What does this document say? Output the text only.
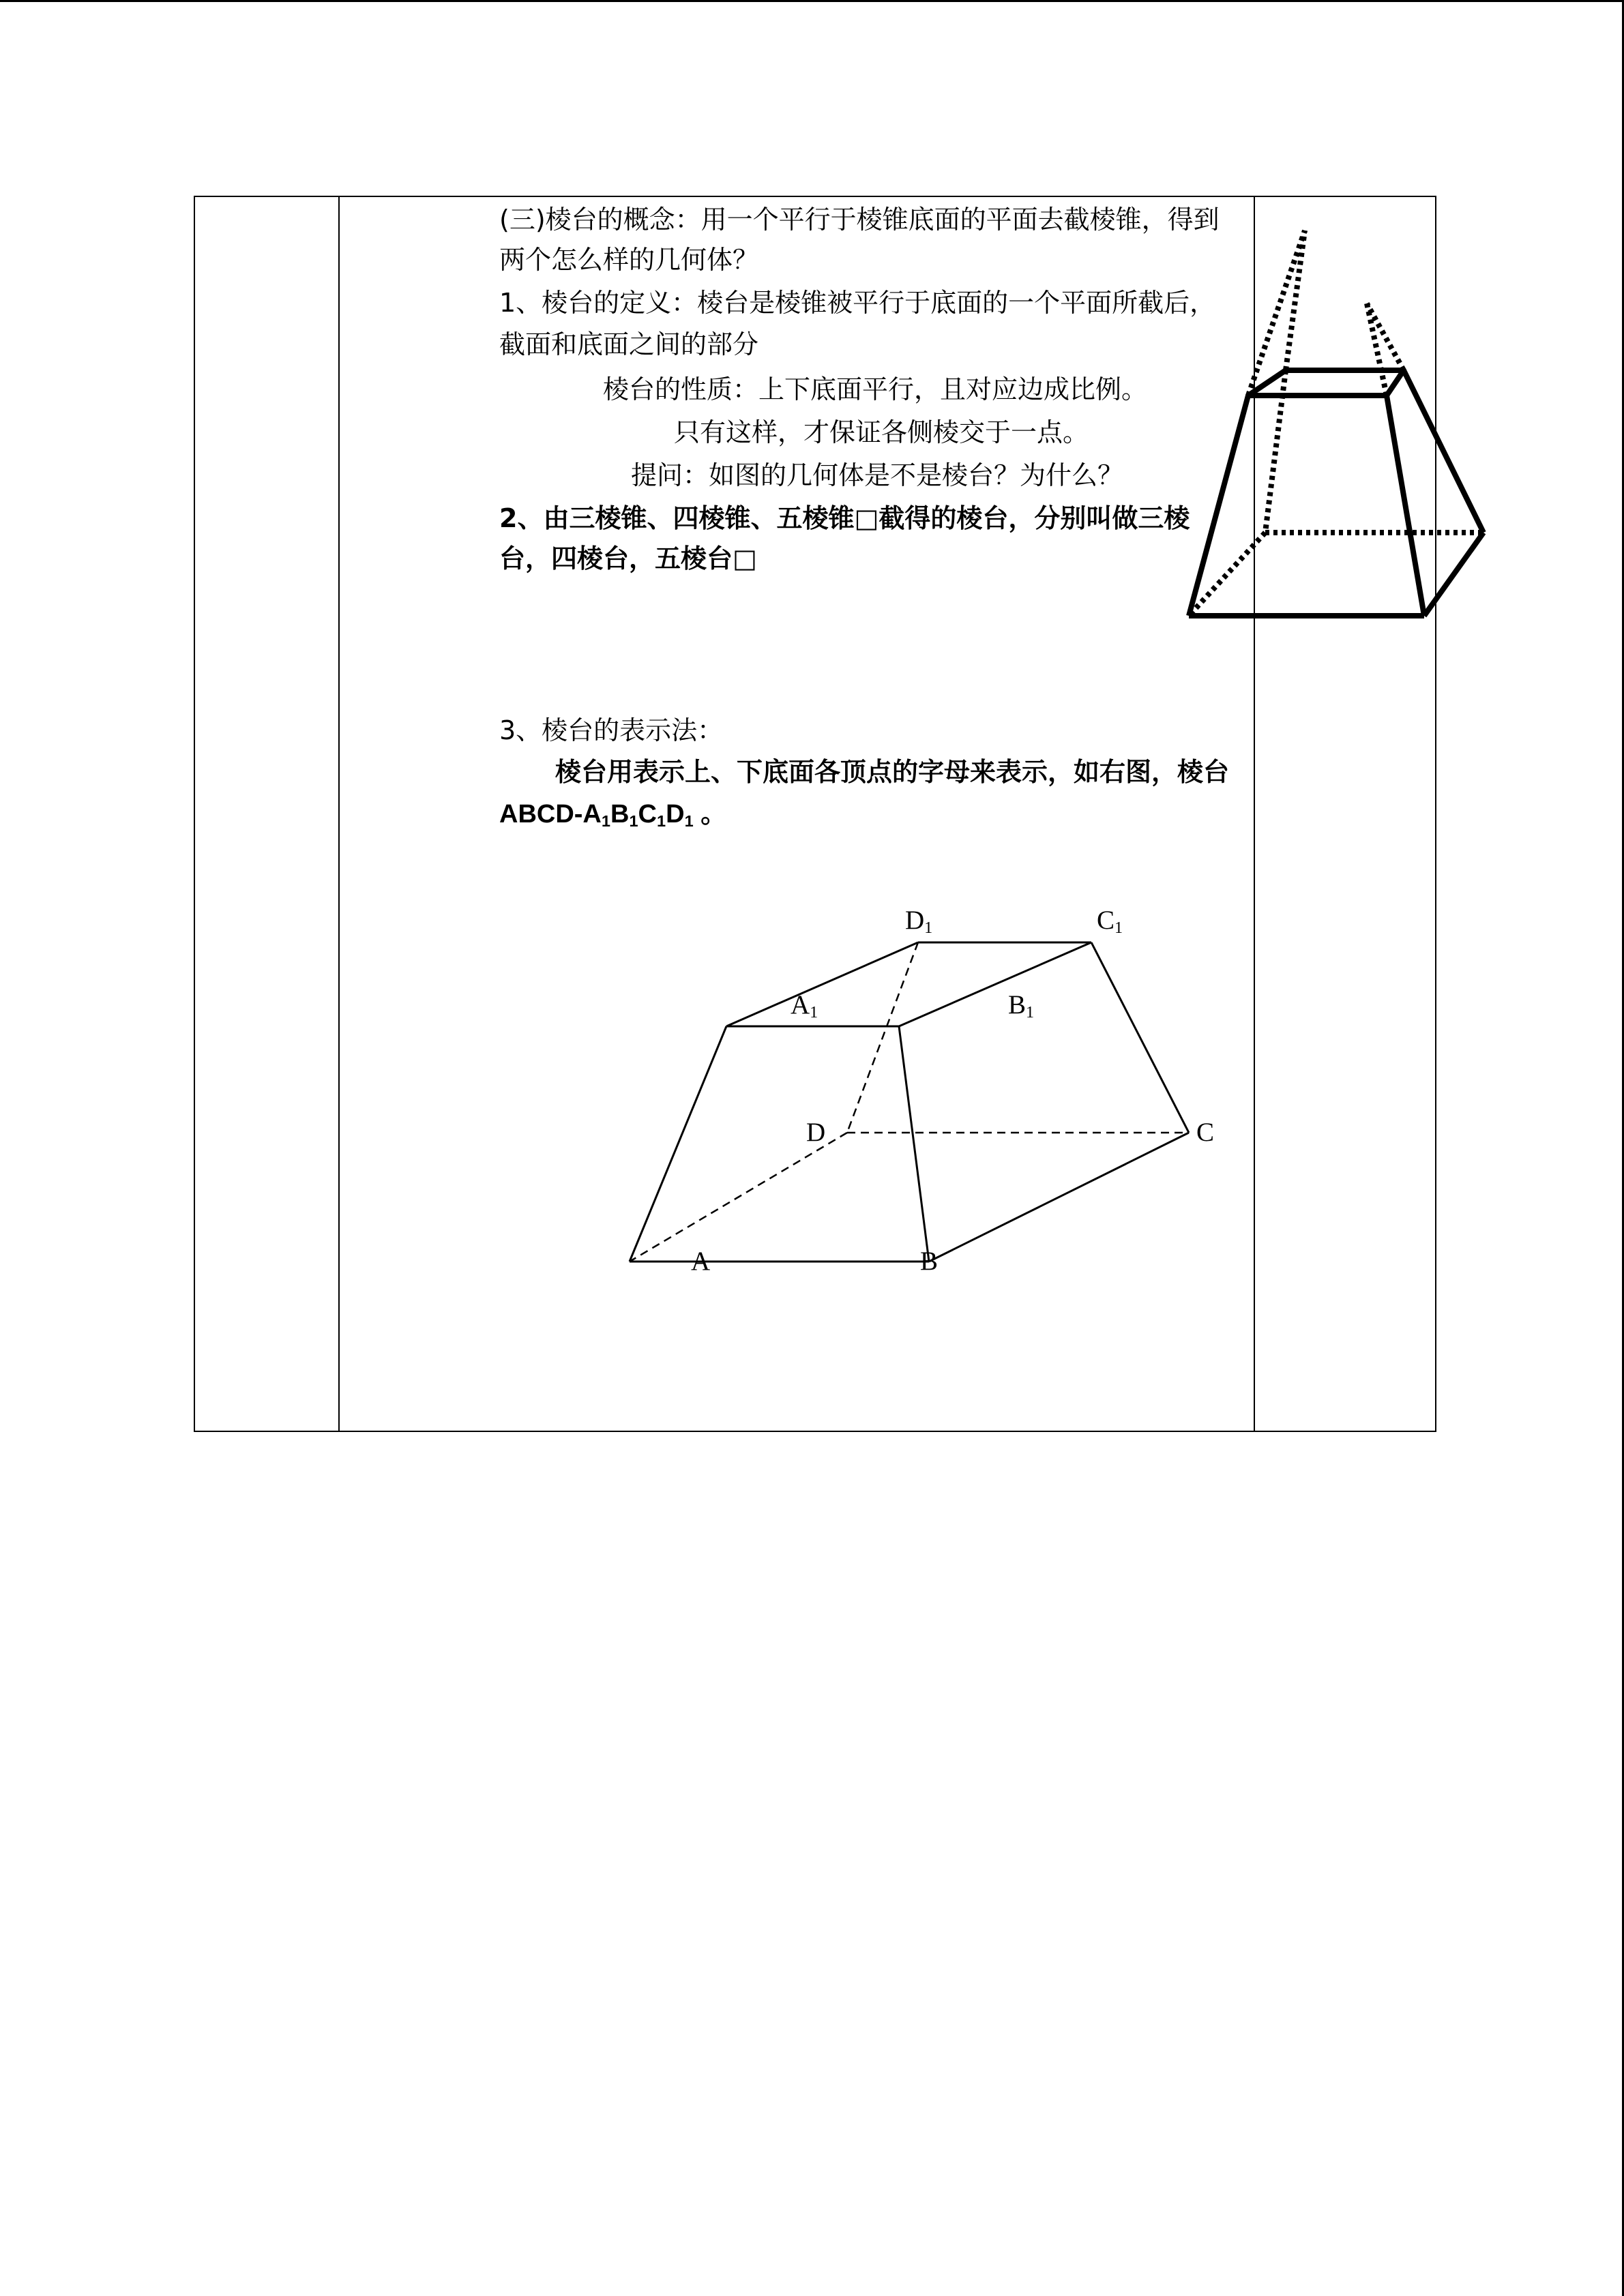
(三)棱台的概念：用一个平行于棱锥底面的平面去截棱锥，得到
两个怎么样的几何体？
1、棱台的定义：棱台是棱锥被平行于底面的一个平面所截后，
截面和底面之间的部分
棱台的性质：上下底面平行，且对应边成比例。
只有这样，才保证各侧棱交于一点。
提问：如图的几何体是不是棱台？为什么？
2、由三棱锥、四棱锥、五棱锥□截得的棱台，分别叫做三棱
台，四棱台，五棱台□
3、棱台的表示法：
棱台用表示上、下底面各顶点的字母来表示，如右图，棱台
ABCD-$A_1B_1C_1D_1$ 。
$D_1$	$C_1$
$A_1$	$B_1$
D	C
A	B
